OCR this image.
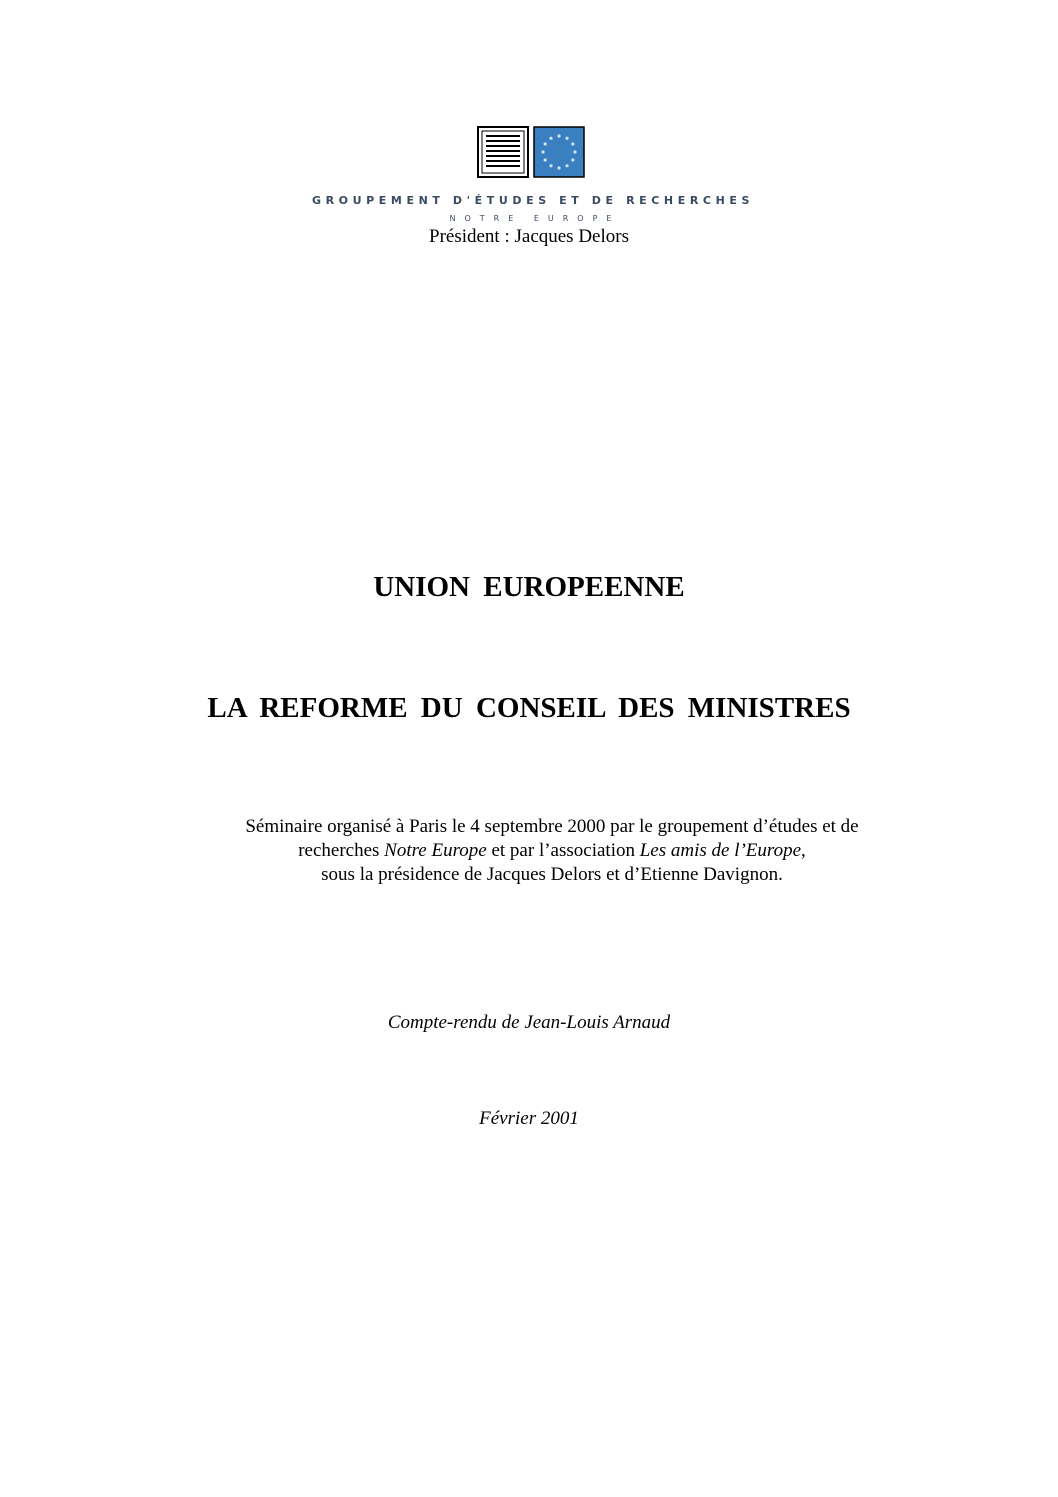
GROUPEMENT D'ÉTUDES ET DE RECHERCHES
NOTRE EUROPE
Président : Jacques Delors
UNION EUROPEENNE
LA REFORME DU CONSEIL DES MINISTRES
Séminaire organisé à Paris le 4 septembre 2000 par le groupement d’études et de
recherches Notre Europe et par l’association Les amis de l’Europe,
sous la présidence de Jacques Delors et d’Etienne Davignon.
Compte-rendu de Jean-Louis Arnaud
Février 2001
